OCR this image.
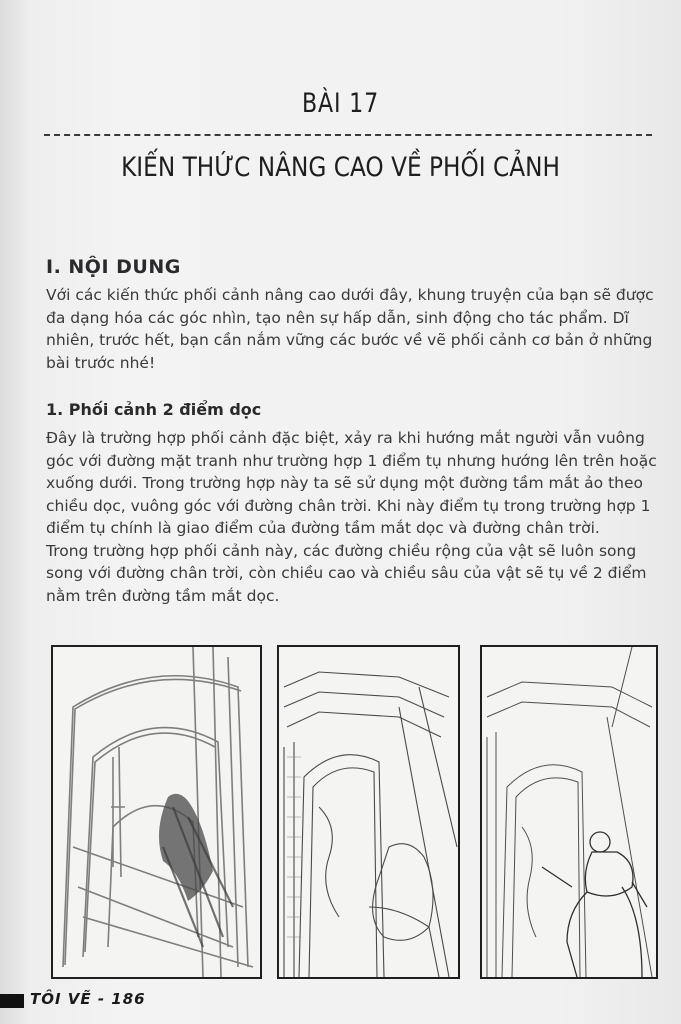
BÀI 17
KIẾN THỨC NÂNG CAO VỀ PHỐI CẢNH
I. NỘI DUNG

Với các kiến thức phối cảnh nâng cao dưới đây, khung truyện của bạn sẽ được đa dạng hóa các góc nhìn, tạo nên sự hấp dẫn, sinh động cho tác phẩm. Dĩ nhiên, trước hết, bạn cần nắm vững các bước về vẽ phối cảnh cơ bản ở những bài trước nhé!

1. Phối cảnh 2 điểm dọc

Đây là trường hợp phối cảnh đặc biệt, xảy ra khi hướng mắt người vẫn vuông góc với đường mặt tranh như trường hợp 1 điểm tụ nhưng hướng lên trên hoặc xuống dưới. Trong trường hợp này ta sẽ sử dụng một đường tầm mắt ảo theo chiều dọc, vuông góc với đường chân trời. Khi này điểm tụ trong trường hợp 1 điểm tụ chính là giao điểm của đường tầm mắt dọc và đường chân trời.

Trong trường hợp phối cảnh này, các đường chiều rộng của vật sẽ luôn song song với đường chân trời, còn chiều cao và chiều sâu của vật sẽ tụ về 2 điểm nằm trên đường tầm mắt dọc.

TÔI VẼ - 186
